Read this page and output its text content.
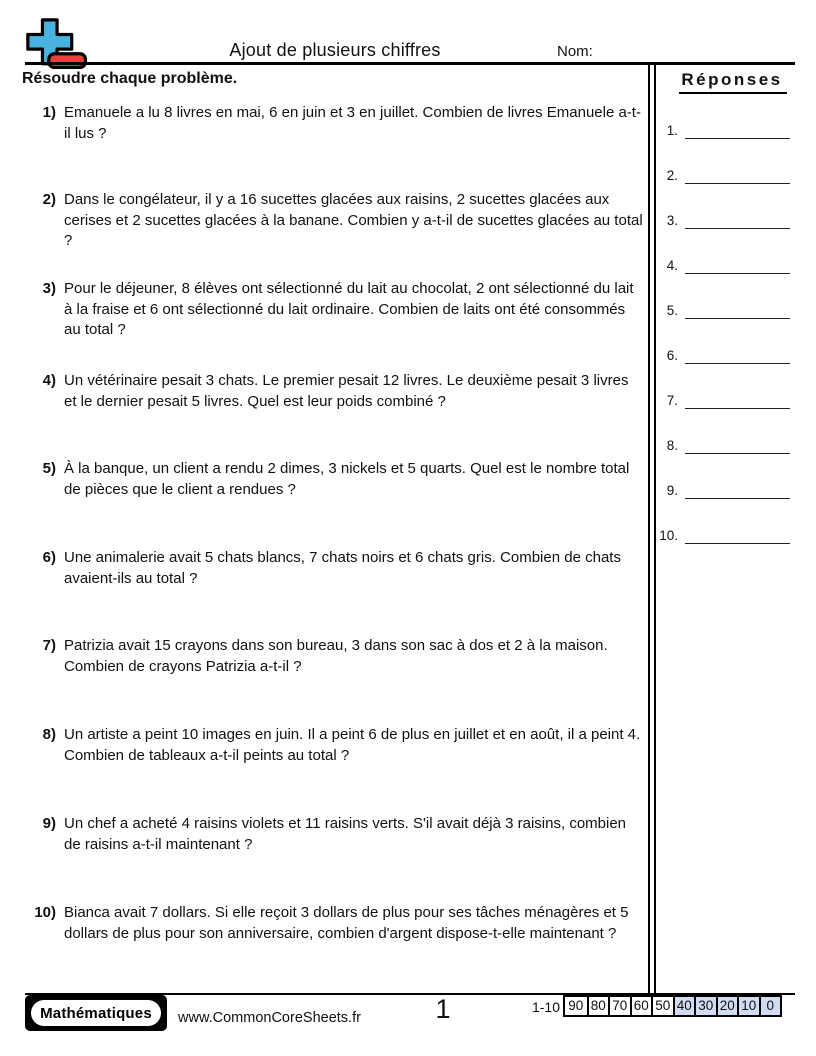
Ajout de plusieurs chiffres	Nom:
Résoudre chaque problème.
1) Emanuele a lu 8 livres en mai, 6 en juin et 3 en juillet. Combien de livres Emanuele a-t-il lus ?
2) Dans le congélateur, il y a 16 sucettes glacées aux raisins, 2 sucettes glacées aux cerises et 2 sucettes glacées à la banane. Combien y a-t-il de sucettes glacées au total ?
3) Pour le déjeuner, 8 élèves ont sélectionné du lait au chocolat, 2 ont sélectionné du lait à la fraise et 6 ont sélectionné du lait ordinaire. Combien de laits ont été consommés au total ?
4) Un vétérinaire pesait 3 chats. Le premier pesait 12 livres. Le deuxième pesait 3 livres et le dernier pesait 5 livres. Quel est leur poids combiné ?
5) À la banque, un client a rendu 2 dimes, 3 nickels et 5 quarts. Quel est le nombre total de pièces que le client a rendues ?
6) Une animalerie avait 5 chats blancs, 7 chats noirs et 6 chats gris. Combien de chats avaient-ils au total ?
7) Patrizia avait 15 crayons dans son bureau, 3 dans son sac à dos et 2 à la maison. Combien de crayons Patrizia a-t-il ?
8) Un artiste a peint 10 images en juin. Il a peint 6 de plus en juillet et en août, il a peint 4. Combien de tableaux a-t-il peints au total ?
9) Un chef a acheté 4 raisins violets et 11 raisins verts. S'il avait déjà 3 raisins, combien de raisins a-t-il maintenant ?
10) Bianca avait 7 dollars. Si elle reçoit 3 dollars de plus pour ses tâches ménagères et 5 dollars de plus pour son anniversaire, combien d'argent dispose-t-elle maintenant ?
Réponses
1.
2.
3.
4.
5.
6.
7.
8.
9.
10.
Mathématiques	www.CommonCoreSheets.fr	1	1-10 90 80 70 60 50 40 30 20 10 0
